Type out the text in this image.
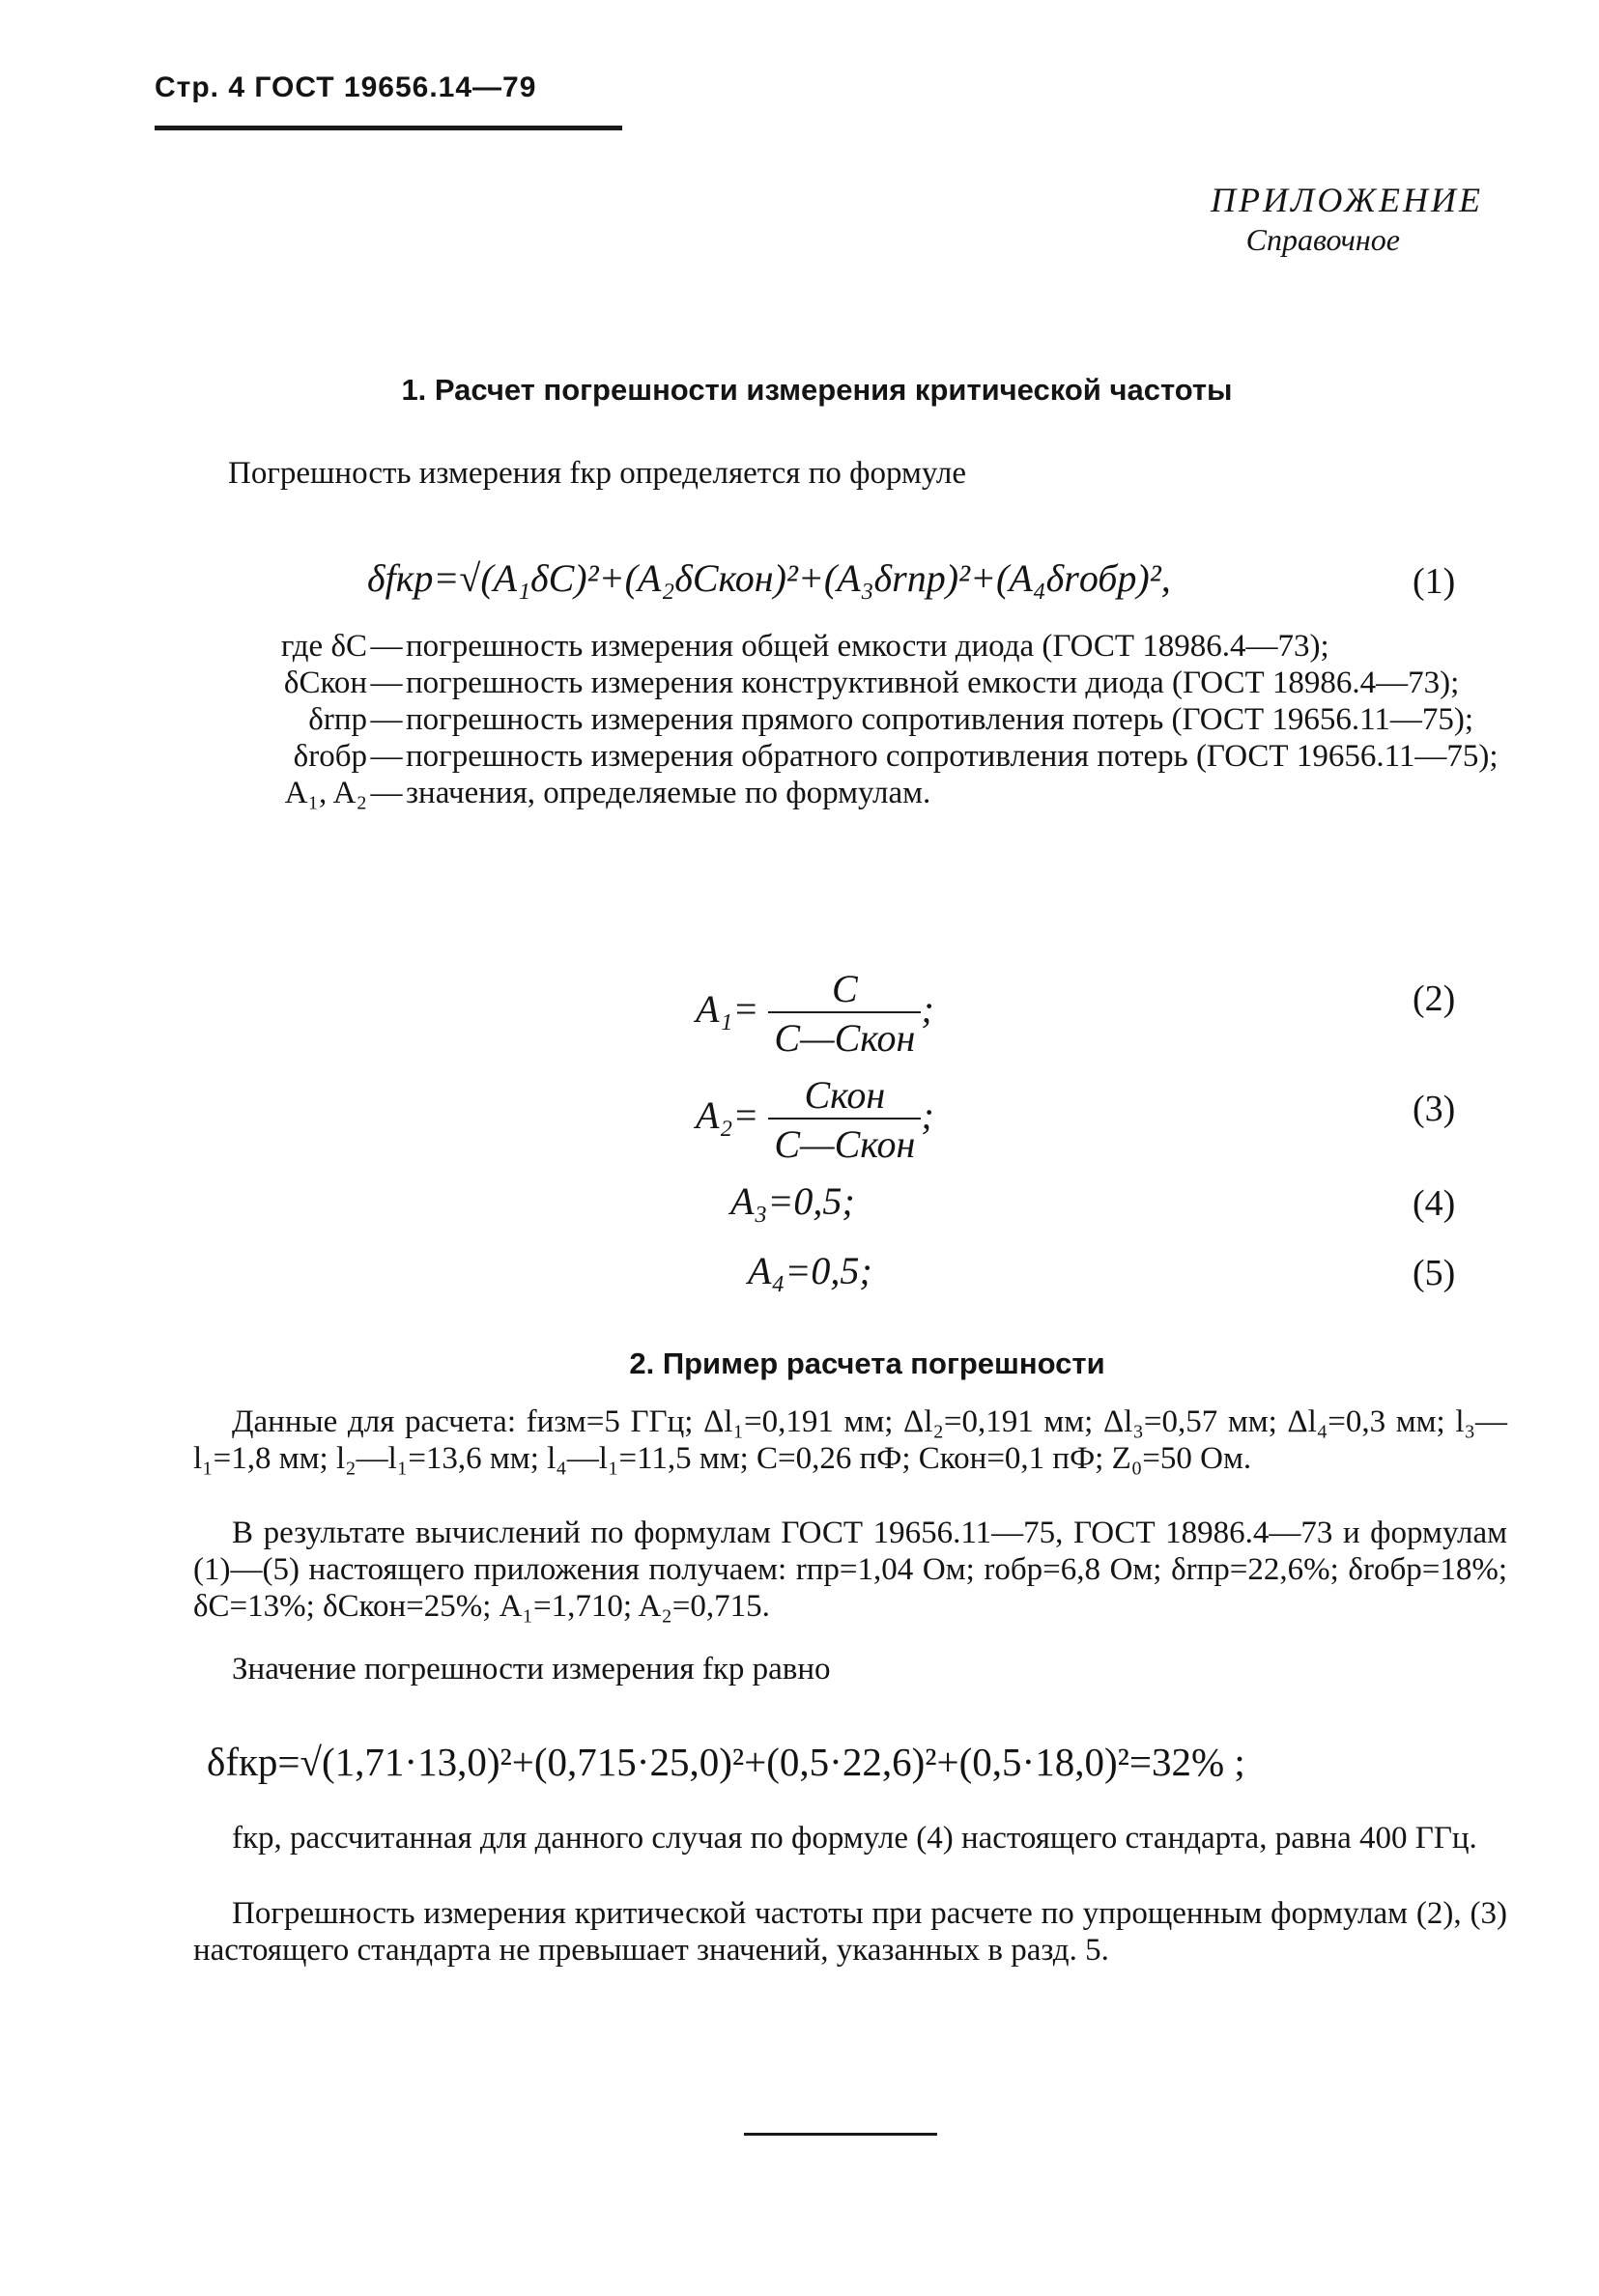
Стр. 4 ГОСТ 19656.14—79
ПРИЛОЖЕНИЕ
Справочное
1. Расчет погрешности измерения критической частоты
Погрешность измерения fкр определяется по формуле
δfкр=√(A₁δC)²+(A₂δCкон)²+(A₃δrпр)²+(A₄δrобр)²,	(1)
где δC — погрешность измерения общей емкости диода (ГОСТ 18986.4—73);
δCкон — погрешность измерения конструктивной емкости диода (ГОСТ 18986.4—73);
δrпр — погрешность измерения прямого сопротивления потерь (ГОСТ 19656.11—75);
δrобр — погрешность измерения обратного сопротивления потерь (ГОСТ 19656.11—75);
A₁, A₂ — значения, определяемые по формулам.
$A_1= \frac{C}{\text{C—Cкон}}$ ;	(2)
$A_2= \frac{\text{Cкон}}{\text{C—Cкон}}$ ;	(3)
A₃=0,5;	(4)
A₄=0,5;	(5)
2. Пример расчета погрешности
Данные для расчета: fизм=5 ГГц; Δl₁=0,191 мм; Δl₂=0,191 мм; Δl₃=0,57 мм; Δl₄=0,3 мм; l₃—l₁=1,8 мм; l₂—l₁=13,6 мм; l₄—l₁=11,5 мм; C=0,26 пФ; Cкон=0,1 пФ; Z₀=50 Ом.
В результате вычислений по формулам ГОСТ 19656.11—75, ГОСТ 18986.4—73 и формулам (1)—(5) настоящего приложения получаем: rпр=1,04 Ом; rобр=6,8 Ом; δrпр=22,6%; δrобр=18%; δC=13%; δCкон=25%; A₁=1,710; A₂=0,715.
Значение погрешности измерения fкр равно
δfкр=√(1,71·13,0)²+(0,715·25,0)²+(0,5·22,6)²+(0,5·18,0)²=32% ;
fкр, рассчитанная для данного случая по формуле (4) настоящего стандарта, равна 400 ГГц.
Погрешность измерения критической частоты при расчете по упрощенным формулам (2), (3) настоящего стандарта не превышает значений, указанных в разд. 5.
